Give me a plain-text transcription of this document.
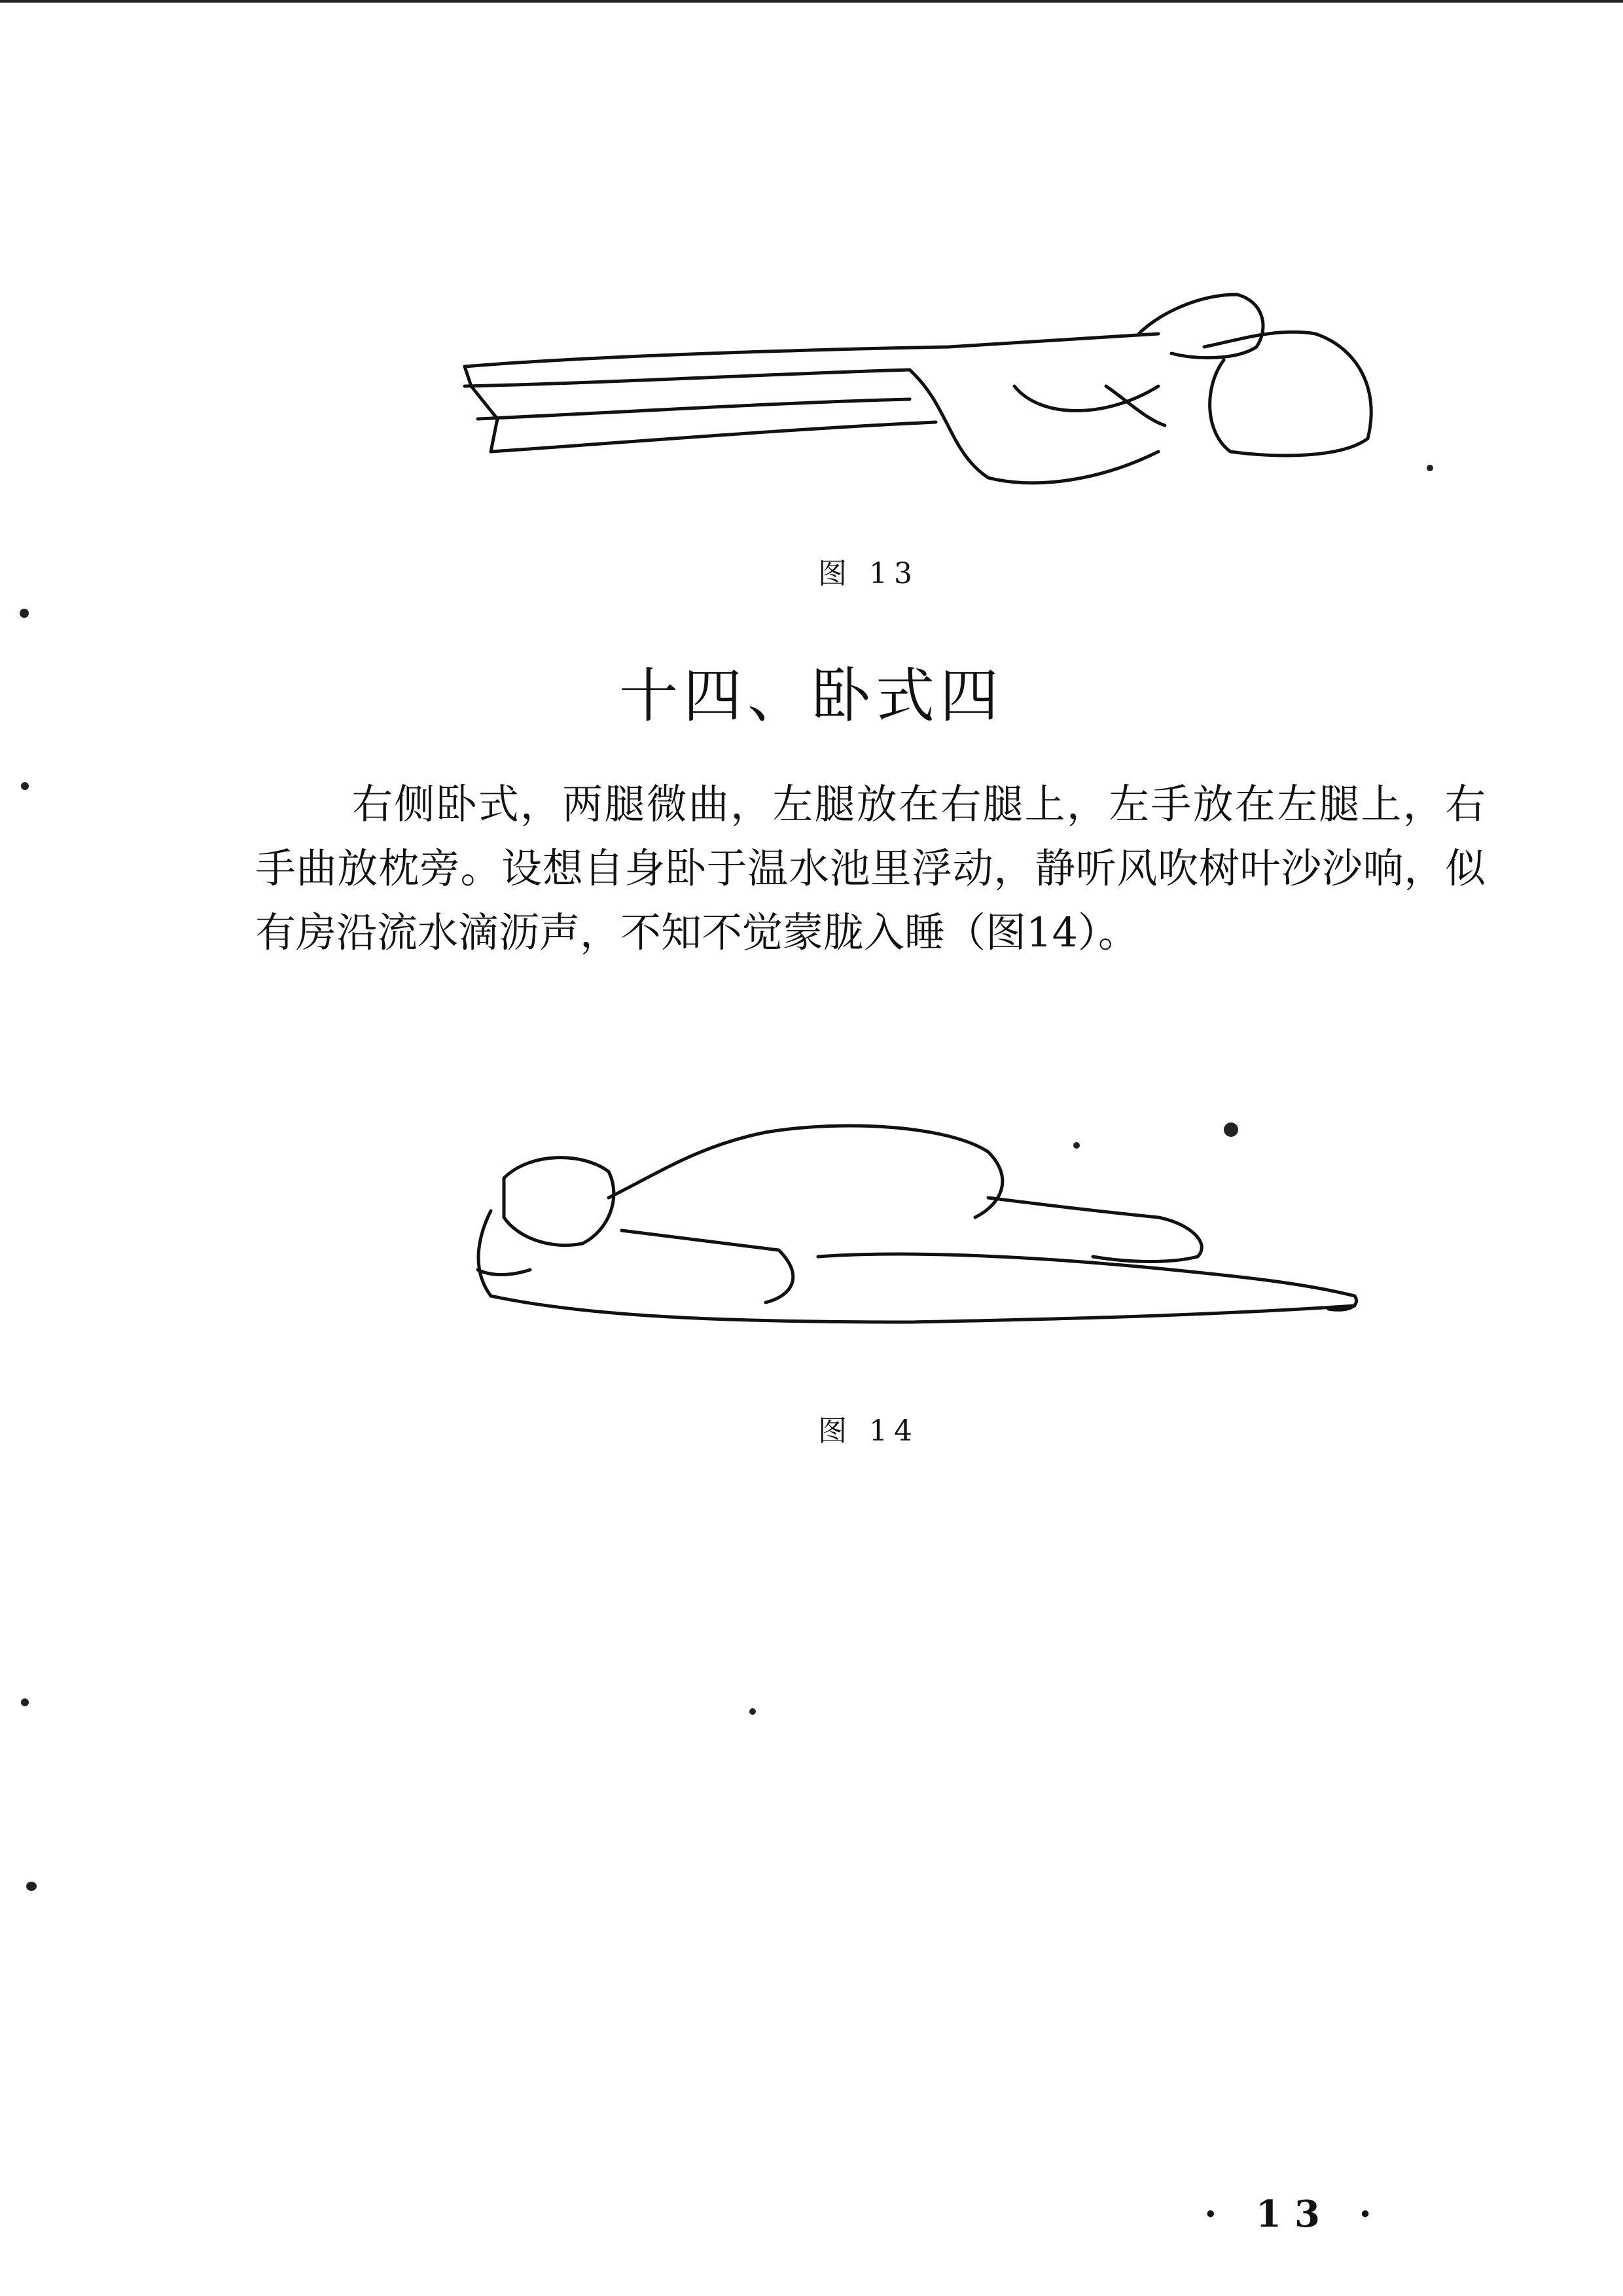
图 13
十四、卧式四

右侧卧式，两腿微曲，左腿放在右腿上，左手放在左腿上，右手曲放枕旁。设想自身卧于温水池里浮动，静听风吹树叶沙沙响，似有房沿流水滴沥声，不知不觉蒙胧入睡（图14）。

图 14
· 13 ·
